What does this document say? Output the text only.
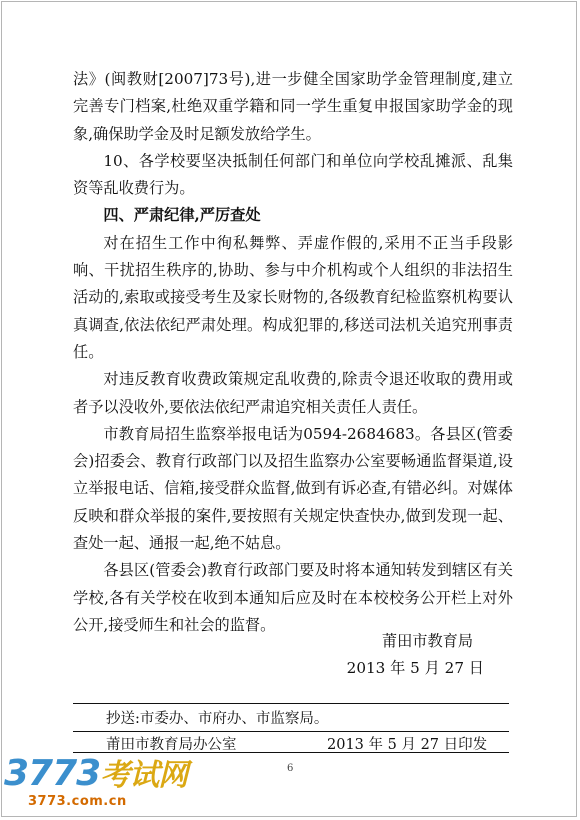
法》(闽教财[2007]73号),进一步健全国家助学金管理制度,建立完善专门档案,杜绝双重学籍和同一学生重复申报国家助学金的现象,确保助学金及时足额发放给学生。

10、各学校要坚决抵制任何部门和单位向学校乱摊派、乱集资等乱收费行为。

四、严肃纪律,严厉查处

对在招生工作中徇私舞弊、弄虚作假的,采用不正当手段影响、干扰招生秩序的,协助、参与中介机构或个人组织的非法招生活动的,索取或接受考生及家长财物的,各级教育纪检监察机构要认真调查,依法依纪严肃处理。构成犯罪的,移送司法机关追究刑事责任。

对违反教育收费政策规定乱收费的,除责令退还收取的费用或者予以没收外,要依法依纪严肃追究相关责任人责任。

市教育局招生监察举报电话为0594-2684683。各县区(管委会)招委会、教育行政部门以及招生监察办公室要畅通监督渠道,设立举报电话、信箱,接受群众监督,做到有诉必查,有错必纠。对媒体反映和群众举报的案件,要按照有关规定快查快办,做到发现一起、查处一起、通报一起,绝不姑息。

各县区(管委会)教育行政部门要及时将本通知转发到辖区有关学校,各有关学校在收到本通知后应及时在本校校务公开栏上对外公开,接受师生和社会的监督。

莆田市教育局
2013 年 5 月 27 日
抄送:市委办、市府办、市监察局。
莆田市教育局办公室	2013 年 5 月 27 日印发
6
3773考试网
3773.com.cn
